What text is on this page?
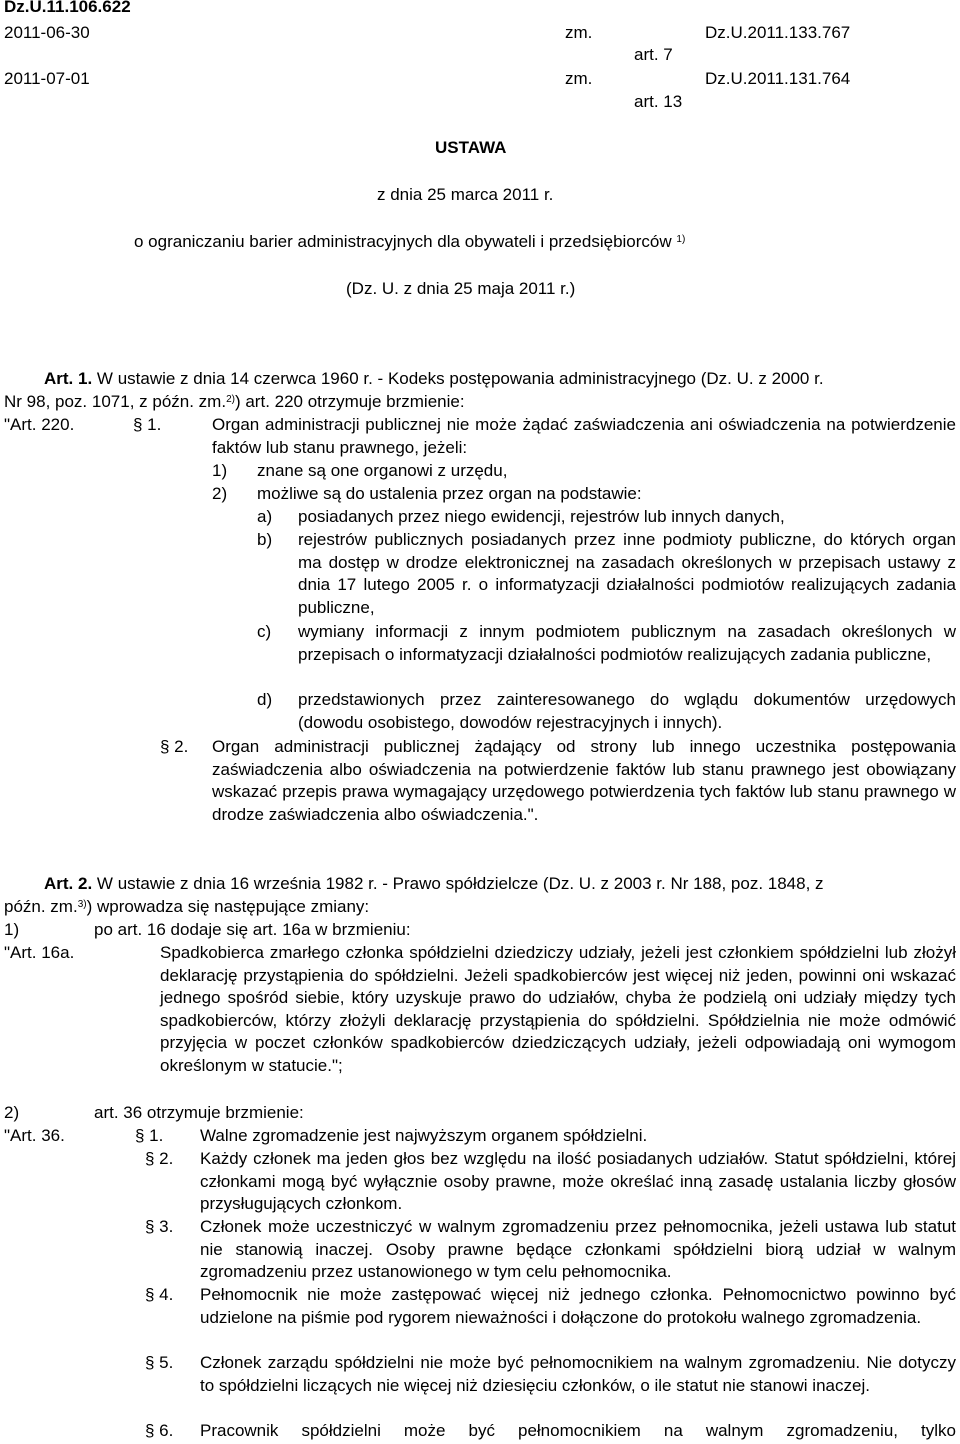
Dz.U.11.106.622
2011-06-30	zm.	Dz.U.2011.133.767
art. 7
2011-07-01	zm.	Dz.U.2011.131.764
art. 13
USTAWA
z dnia 25 marca 2011 r.
o ograniczaniu barier administracyjnych dla obywateli i przedsiębiorców $^{1)}$
(Dz. U. z dnia 25 maja 2011 r.)
Art. 1. W ustawie z dnia 14 czerwca 1960 r. - Kodeks postępowania administracyjnego (Dz. U. z 2000 r.
Nr 98, poz. 1071, z późn. zm.$^{2)}$) art. 220 otrzymuje brzmienie:
"Art. 220.	§ 1.	Organ administracji publicznej nie może żądać zaświadczenia ani oświadczenia na potwierdzenie faktów lub stanu prawnego, jeżeli:
1) znane są one organowi z urzędu,
2) możliwe są do ustalenia przez organ na podstawie:
a) posiadanych przez niego ewidencji, rejestrów lub innych danych,
b) rejestrów publicznych posiadanych przez inne podmioty publiczne, do których organ ma dostęp w drodze elektronicznej na zasadach określonych w przepisach ustawy z dnia 17 lutego 2005 r. o informatyzacji działalności podmiotów realizujących zadania publiczne,
c) wymiany informacji z innym podmiotem publicznym na zasadach określonych w przepisach o informatyzacji działalności podmiotów realizujących zadania publiczne,
d) przedstawionych przez zainteresowanego do wglądu dokumentów urzędowych (dowodu osobistego, dowodów rejestracyjnych i innych).
§ 2. Organ administracji publicznej żądający od strony lub innego uczestnika postępowania zaświadczenia albo oświadczenia na potwierdzenie faktów lub stanu prawnego jest obowiązany wskazać przepis prawa wymagający urzędowego potwierdzenia tych faktów lub stanu prawnego w drodze zaświadczenia albo oświadczenia.".
Art. 2. W ustawie z dnia 16 września 1982 r. - Prawo spółdzielcze (Dz. U. z 2003 r. Nr 188, poz. 1848, z
późn. zm.$^{3)}$) wprowadza się następujące zmiany:
1)	po art. 16 dodaje się art. 16a w brzmieniu:
"Art. 16a.	Spadkobierca zmarłego członka spółdzielni dziedziczy udziały, jeżeli jest członkiem spółdzielni lub złożył deklarację przystąpienia do spółdzielni. Jeżeli spadkobierców jest więcej niż jeden, powinni oni wskazać jednego spośród siebie, który uzyskuje prawo do udziałów, chyba że podzielą oni udziały między tych spadkobierców, którzy złożyli deklarację przystąpienia do spółdzielni. Spółdzielnia nie może odmówić przyjęcia w poczet członków spadkobierców dziedziczących udziały, jeżeli odpowiadają oni wymogom określonym w statucie.";
2)	art. 36 otrzymuje brzmienie:
"Art. 36.	§ 1. Walne zgromadzenie jest najwyższym organem spółdzielni.
§ 2. Każdy członek ma jeden głos bez względu na ilość posiadanych udziałów. Statut spółdzielni, której członkami mogą być wyłącznie osoby prawne, może określać inną zasadę ustalania liczby głosów przysługujących członkom.
§ 3. Członek może uczestniczyć w walnym zgromadzeniu przez pełnomocnika, jeżeli ustawa lub statut nie stanowią inaczej. Osoby prawne będące członkami spółdzielni biorą udział w walnym zgromadzeniu przez ustanowionego w tym celu pełnomocnika.
§ 4. Pełnomocnik nie może zastępować więcej niż jednego członka. Pełnomocnictwo powinno być udzielone na piśmie pod rygorem nieważności i dołączone do protokołu walnego zgromadzenia.
§ 5. Członek zarządu spółdzielni nie może być pełnomocnikiem na walnym zgromadzeniu. Nie dotyczy to spółdzielni liczących nie więcej niż dziesięciu członków, o ile statut nie stanowi inaczej.
§ 6. Pracownik spółdzielni może być pełnomocnikiem na walnym zgromadzeniu, tylko
